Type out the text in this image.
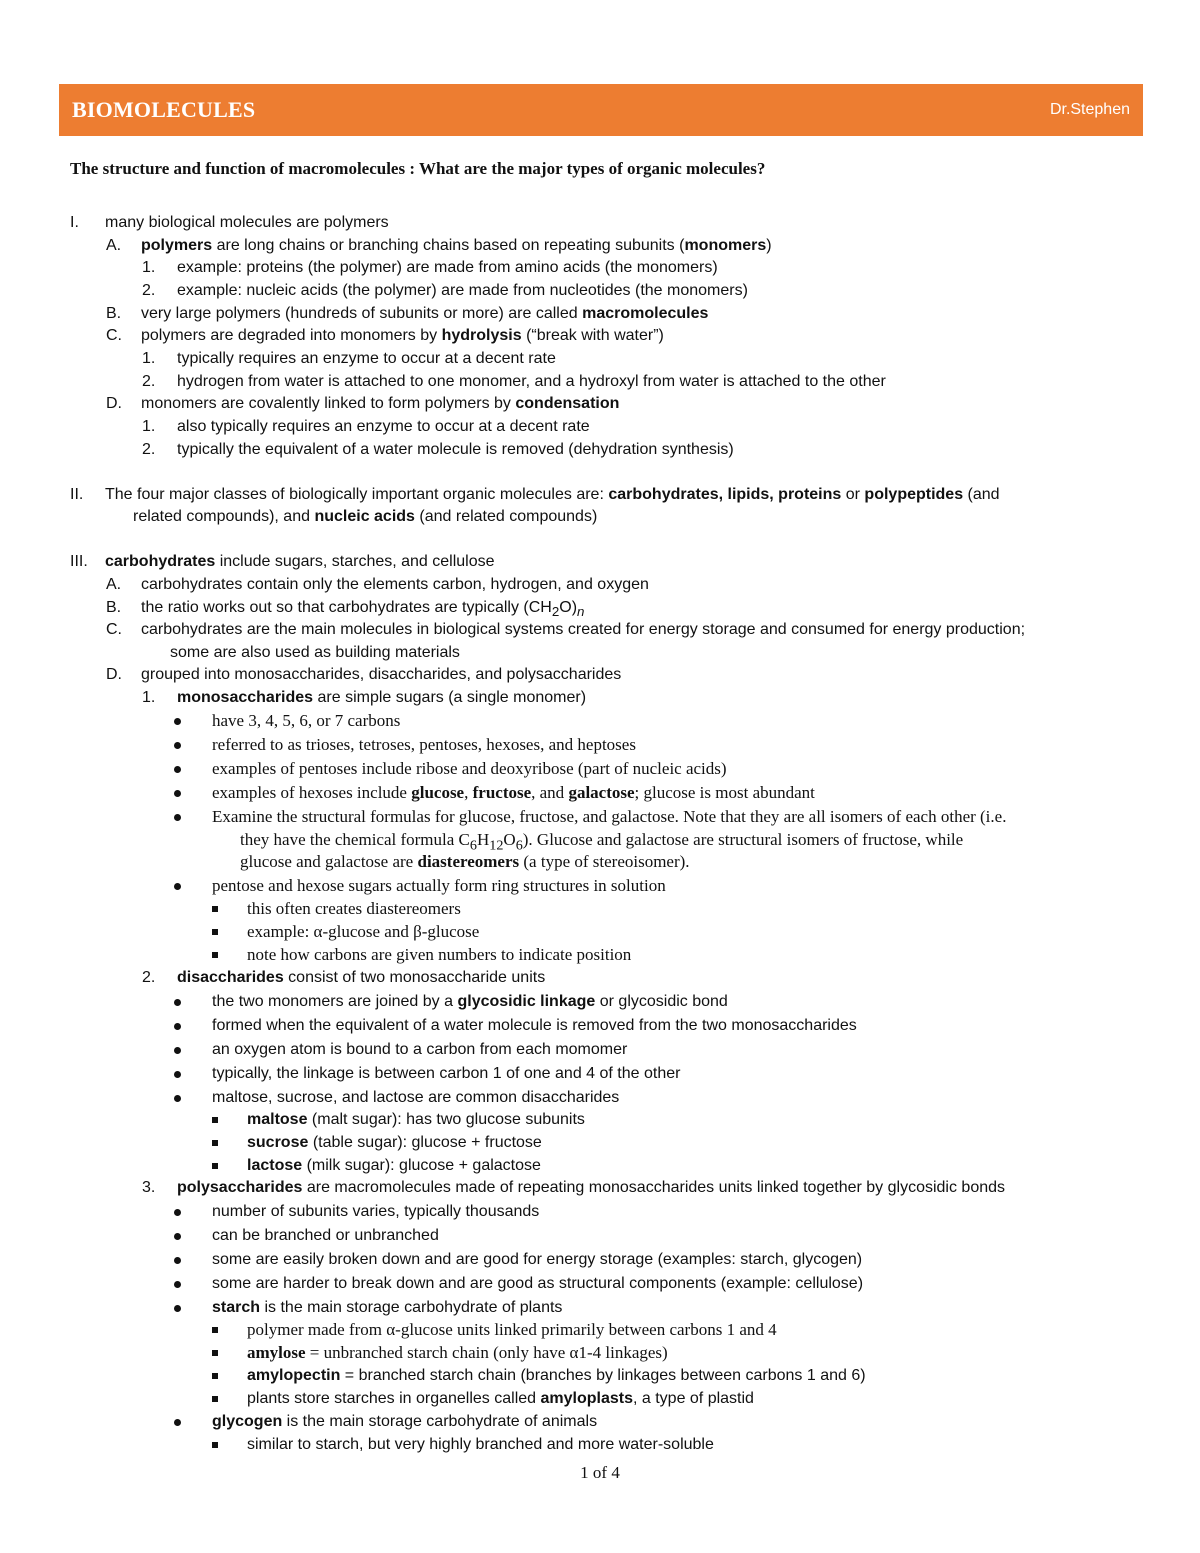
BIOMOLECULES	Dr.Stephen
The structure and function of macromolecules : What are the major types of organic molecules?
many biological molecules are polymers
I.
polymers are long chains or branching chains based on repeating subunits (monomers)
A.
example: proteins (the polymer) are made from amino acids (the monomers)
1.
example: nucleic acids (the polymer) are made from nucleotides (the monomers)
2.
very large polymers (hundreds of subunits or more) are called macromolecules
B.
polymers are degraded into monomers by hydrolysis (“break with water”)
C.
typically requires an enzyme to occur at a decent rate
1.
hydrogen from water is attached to one monomer, and a hydroxyl from water is attached to the other
2.
monomers are covalently linked to form polymers by condensation
D.
also typically requires an enzyme to occur at a decent rate
1.
typically the equivalent of a water molecule is removed (dehydration synthesis)
2.
The four major classes of biologically important organic molecules are: carbohydrates, lipids, proteins or polypeptides (and
II.
related compounds), and nucleic acids (and related compounds)
carbohydrates include sugars, starches, and cellulose
III.
carbohydrates contain only the elements carbon, hydrogen, and oxygen
A.
the ratio works out so that carbohydrates are typically $(CH_2O)_n$
B.
carbohydrates are the main molecules in biological systems created for energy storage and consumed for energy production;
C.
some are also used as building materials
grouped into monosaccharides, disaccharides, and polysaccharides
D.
monosaccharides are simple sugars (a single monomer)
1.
have 3, 4, 5, 6, or 7 carbons
referred to as trioses, tetroses, pentoses, hexoses, and heptoses
examples of pentoses include ribose and deoxyribose (part of nucleic acids)
examples of hexoses include glucose, fructose, and galactose; glucose is most abundant
Examine the structural formulas for glucose, fructose, and galactose. Note that they are all isomers of each other (i.e.
they have the chemical formula $C_6H_{12}O_6$). Glucose and galactose are structural isomers of fructose, while
glucose and galactose are diastereomers (a type of stereoisomer).
pentose and hexose sugars actually form ring structures in solution
this often creates diastereomers
example: α-glucose and β-glucose
note how carbons are given numbers to indicate position
disaccharides consist of two monosaccharide units
2.
the two monomers are joined by a glycosidic linkage or glycosidic bond
formed when the equivalent of a water molecule is removed from the two monosaccharides
an oxygen atom is bound to a carbon from each momomer
typically, the linkage is between carbon 1 of one and 4 of the other
maltose, sucrose, and lactose are common disaccharides
maltose (malt sugar): has two glucose subunits
sucrose (table sugar): glucose + fructose
lactose (milk sugar): glucose + galactose
polysaccharides are macromolecules made of repeating monosaccharides units linked together by glycosidic bonds
3.
number of subunits varies, typically thousands
can be branched or unbranched
some are easily broken down and are good for energy storage (examples: starch, glycogen)
some are harder to break down and are good as structural components (example: cellulose)
starch is the main storage carbohydrate of plants
polymer made from α-glucose units linked primarily between carbons 1 and 4
amylose = unbranched starch chain (only have α1-4 linkages)
amylopectin = branched starch chain (branches by linkages between carbons 1 and 6)
plants store starches in organelles called amyloplasts, a type of plastid
glycogen is the main storage carbohydrate of animals
similar to starch, but very highly branched and more water-soluble
1 of 4
